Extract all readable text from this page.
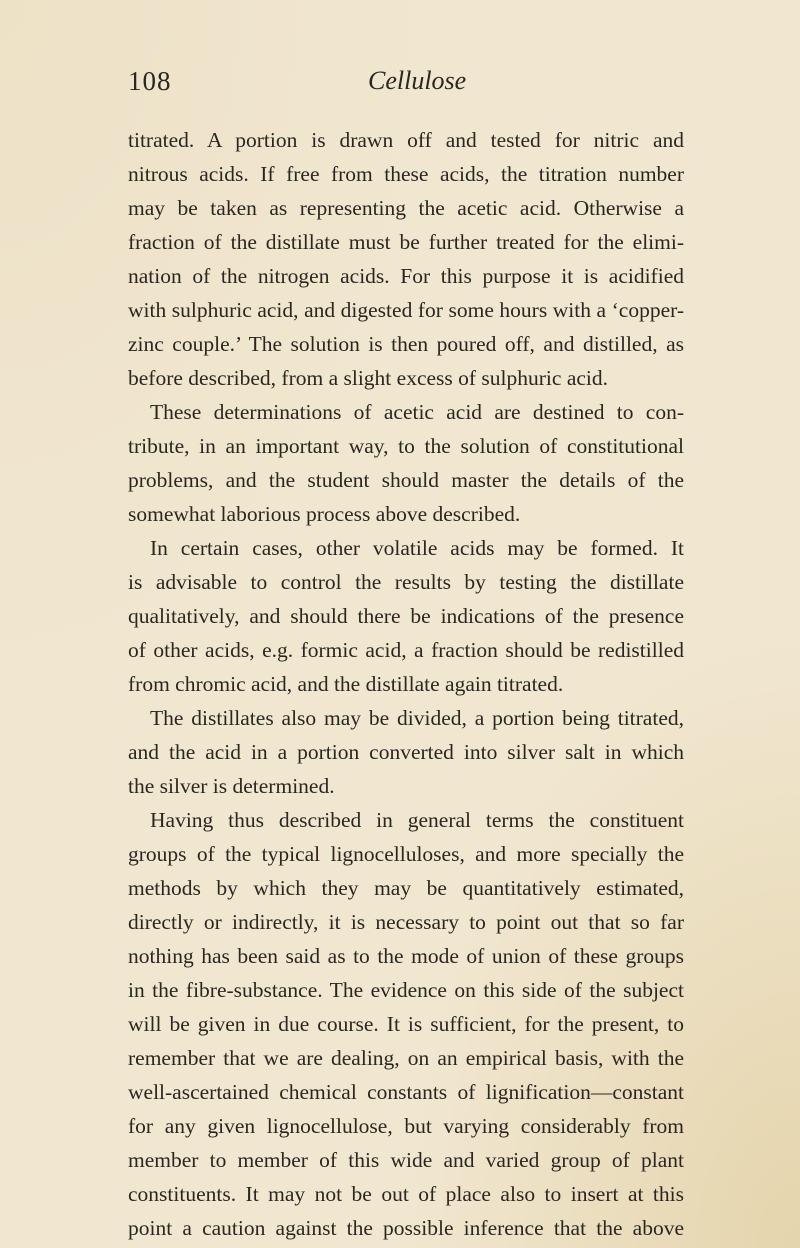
108	Cellulose
titrated. A portion is drawn off and tested for nitric and
nitrous acids. If free from these acids, the titration number
may be taken as representing the acetic acid. Otherwise a
fraction of the distillate must be further treated for the elimi-
nation of the nitrogen acids. For this purpose it is acidified
with sulphuric acid, and digested for some hours with a ‘copper-
zinc couple.’ The solution is then poured off, and distilled, as
before described, from a slight excess of sulphuric acid.
These determinations of acetic acid are destined to con-
tribute, in an important way, to the solution of constitutional
problems, and the student should master the details of the
somewhat laborious process above described.
In certain cases, other volatile acids may be formed. It
is advisable to control the results by testing the distillate
qualitatively, and should there be indications of the presence
of other acids, e.g. formic acid, a fraction should be redistilled
from chromic acid, and the distillate again titrated.
The distillates also may be divided, a portion being titrated,
and the acid in a portion converted into silver salt in which
the silver is determined.
Having thus described in general terms the constituent
groups of the typical lignocelluloses, and more specially the
methods by which they may be quantitatively estimated,
directly or indirectly, it is necessary to point out that so far
nothing has been said as to the mode of union of these groups
in the fibre-substance. The evidence on this side of the subject
will be given in due course. It is sufficient, for the present, to
remember that we are dealing, on an empirical basis, with the
well-ascertained chemical constants of lignification—constant
for any given lignocellulose, but varying considerably from
member to member of this wide and varied group of plant
constituents. It may not be out of place also to insert at this
point a caution against the possible inference that the above
